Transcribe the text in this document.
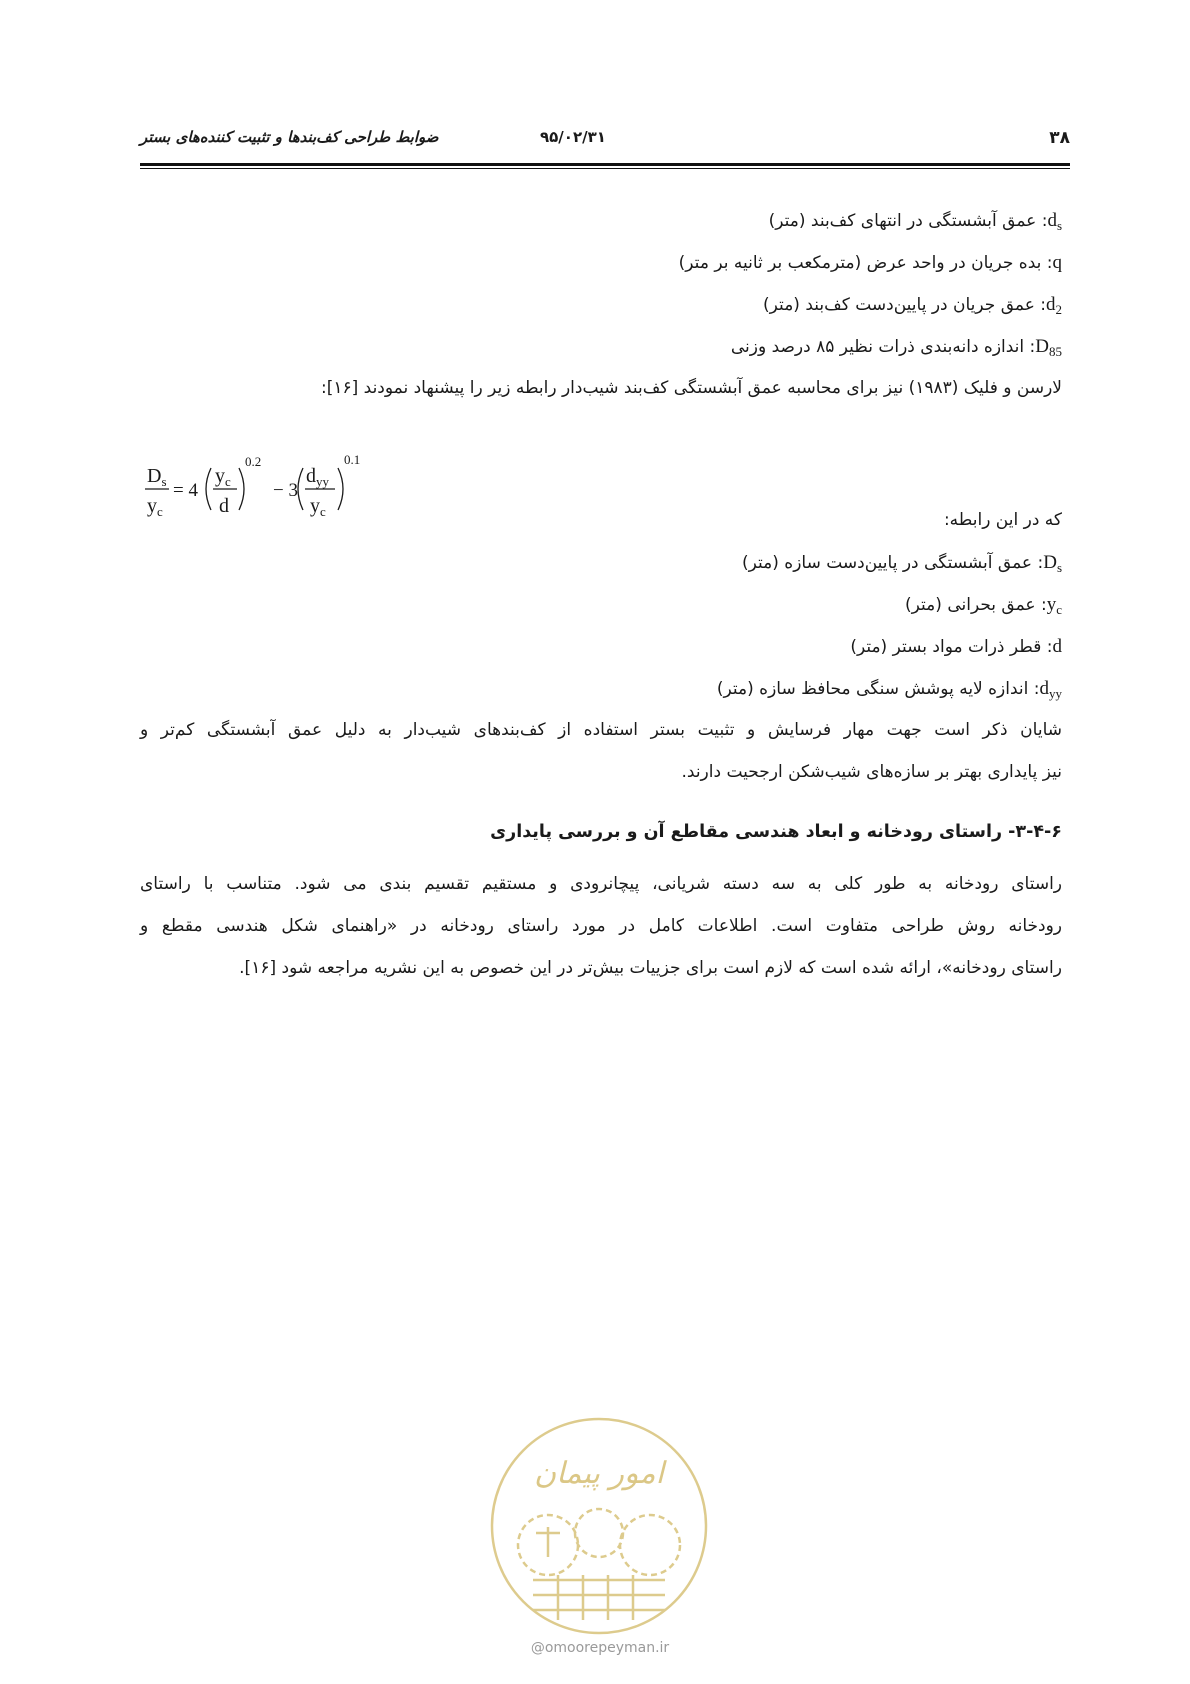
۳۸
۹۵/۰۲/۳۱
ضوابط طراحی کف‌بندها و تثبیت کننده‌های بستر
$d_s$: عمق آبشستگی در انتهای کف‌بند (متر)
q: بده جریان در واحد عرض (مترمکعب بر ثانیه بر متر)
$d_2$: عمق جریان در پایین‌دست کف‌بند (متر)
$D_{85}$: اندازه دانه‌بندی ذرات نظیر ۸۵ درصد وزنی
لارسن و فلیک (۱۹۸۳) نیز برای محاسبه عمق آبشستگی کف‌بند شیب‌دار رابطه زیر را پیشنهاد نمودند [۱۶]:
که در این رابطه:
$D_s$: عمق آبشستگی در پایین‌دست سازه (متر)
$y_c$: عمق بحرانی (متر)
d: قطر ذرات مواد بستر (متر)
$d_{yy}$: اندازه لایه پوشش سنگی محافظ سازه (متر)
شایان ذکر است جهت مهار فرسایش و تثبیت بستر استفاده از کف‌بندهای شیب‌دار به دلیل عمق آبشستگی کم‌تر و
نیز پایداری بهتر بر سازه‌های شیب‌شکن ارجحیت دارند.
۳-۴-۶- راستای رودخانه و ابعاد هندسی مقاطع آن و بررسی پایداری
راستای رودخانه به طور کلی به سه دسته شریانی، پیچانرودی و مستقیم تقسیم بندی می شود. متناسب با راستای
رودخانه روش طراحی متفاوت است. اطلاعات کامل در مورد راستای رودخانه در «راهنمای شکل هندسی مقطع و
راستای رودخانه»، ارائه شده است که لازم است برای جزییات بیش‌تر در این خصوص به این نشریه مراجعه شود [۱۶].
$D_s$
$y_c$
= 4
$y_c$
d
0.2
− 3
$d_{yy}$
$y_c$
0.1
امور پیمان
@omoorepeyman.ir
